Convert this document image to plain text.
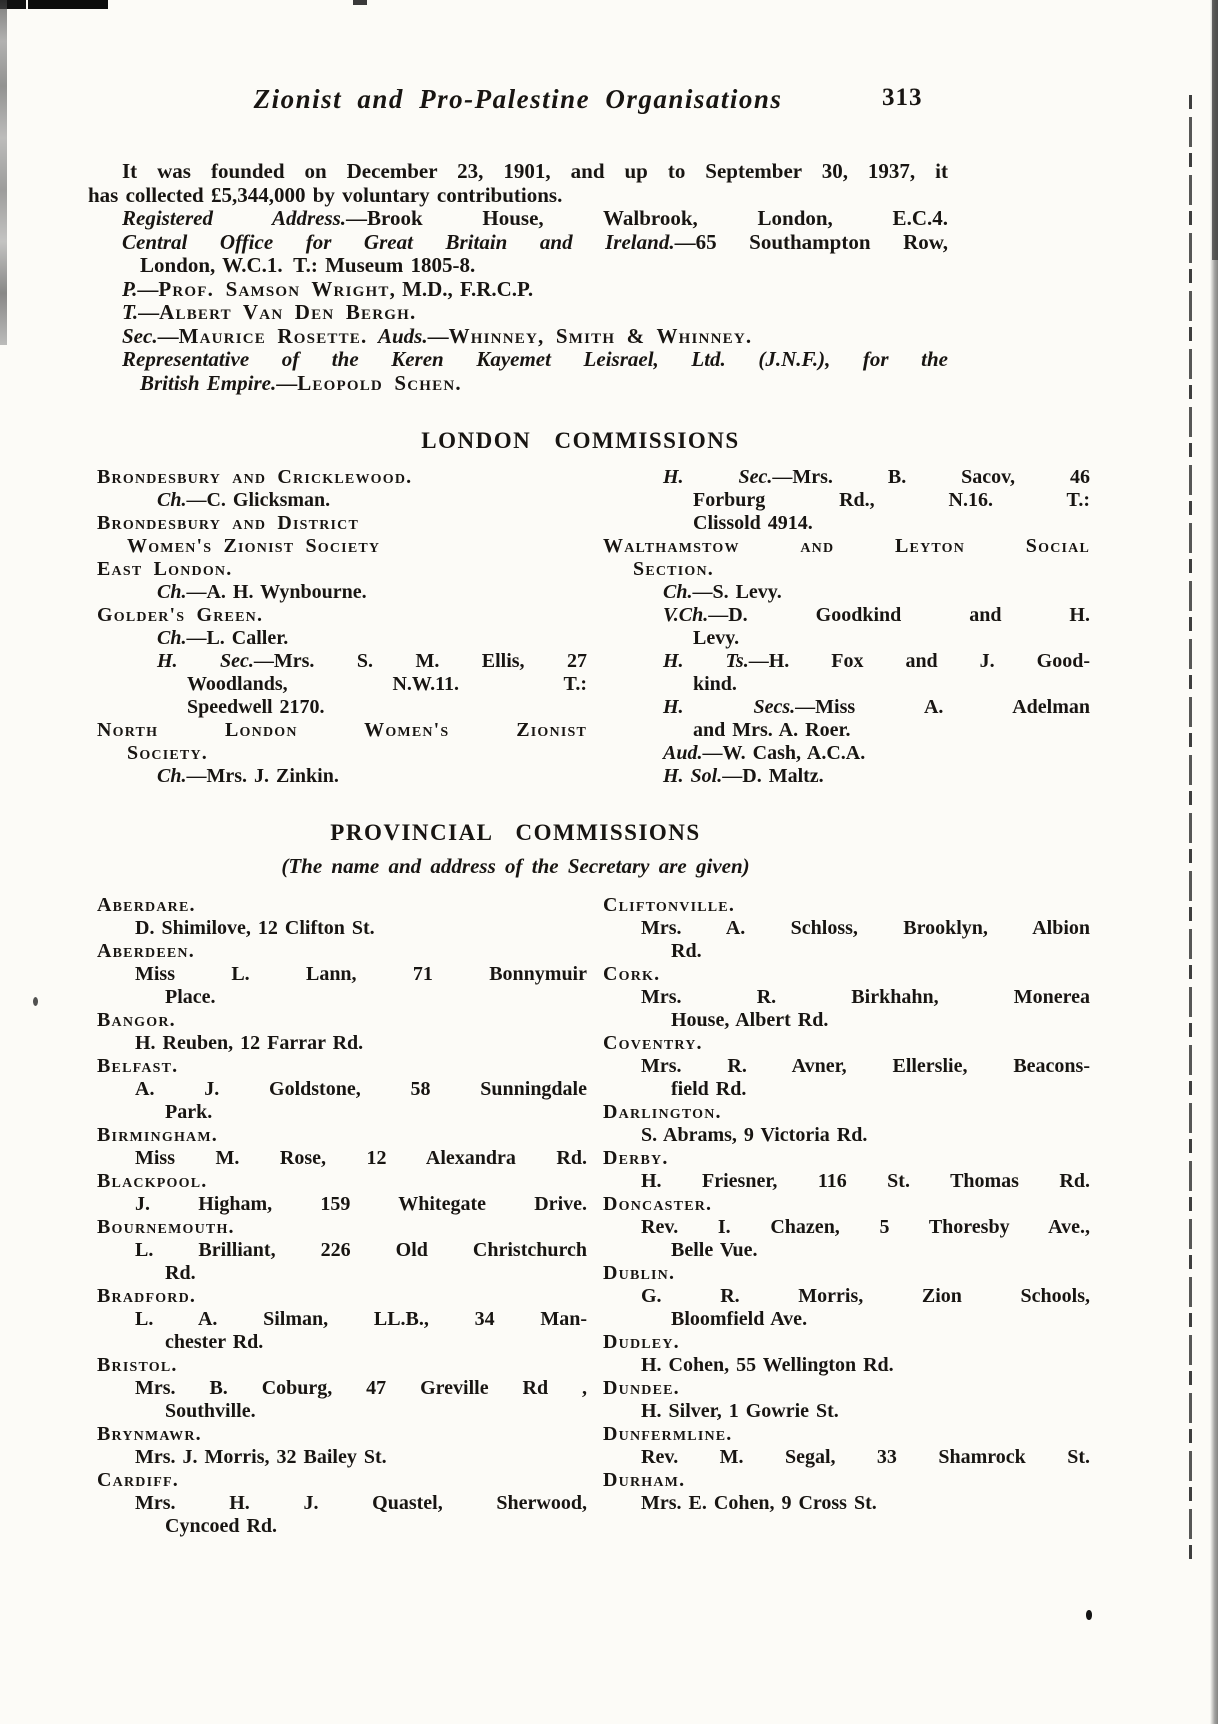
Zionist and Pro-Palestine Organisations	313
It was founded on December 23, 1901, and up to September 30, 1937, it
has collected £5,344,000 by voluntary contributions.
Registered Address.—Brook House, Walbrook, London, E.C.4.
Central Office for Great Britain and Ireland.—65 Southampton Row,
London, W.C.1. T.: Museum 1805-8.
P.—Prof. Samson Wright, M.D., F.R.C.P.
T.—Albert Van Den Bergh.
Sec.—Maurice Rosette.  Auds.—Whinney, Smith & Whinney.
Representative of the Keren Kayemet Leisrael, Ltd. (J.N.F.), for the
British Empire.—Leopold Schen.
LONDON COMMISSIONS
Brondesbury and Cricklewood.
Ch.—C. Glicksman.
Brondesbury and District
Women's Zionist Society
East London.
Ch.—A. H. Wynbourne.
Golder's Green.
Ch.—L. Caller.
H. Sec.—Mrs. S. M. Ellis, 27
Woodlands, N.W.11. T.:
Speedwell 2170.
North London Women's Zionist
Society.
Ch.—Mrs. J. Zinkin.
H. Sec.—Mrs. B. Sacov, 46
Forburg Rd., N.16. T.:
Clissold 4914.
Walthamstow and Leyton Social
Section.
Ch.—S. Levy.
V.Ch.—D. Goodkind and H.
Levy.
H. Ts.—H. Fox and J. Good-
kind.
H. Secs.—Miss A. Adelman
and Mrs. A. Roer.
Aud.—W. Cash, A.C.A.
H. Sol.—D. Maltz.
PROVINCIAL COMMISSIONS
(The name and address of the Secretary are given)
Aberdare.
D. Shimilove, 12 Clifton St.
Aberdeen.
Miss L. Lann, 71 Bonnymuir
Place.
Bangor.
H. Reuben, 12 Farrar Rd.
Belfast.
A. J. Goldstone, 58 Sunningdale
Park.
Birmingham.
Miss M. Rose, 12 Alexandra Rd.
Blackpool.
J. Higham, 159 Whitegate Drive.
Bournemouth.
L. Brilliant, 226 Old Christchurch
Rd.
Bradford.
L. A. Silman, LL.B., 34 Man-
chester Rd.
Bristol.
Mrs. B. Coburg, 47 Greville Rd ,
Southville.
Brynmawr.
Mrs. J. Morris, 32 Bailey St.
Cardiff.
Mrs. H. J. Quastel, Sherwood,
Cyncoed Rd.
Cliftonville.
Mrs. A. Schloss, Brooklyn, Albion
Rd.
Cork.
Mrs. R. Birkhahn, Monerea
House, Albert Rd.
Coventry.
Mrs. R. Avner, Ellerslie, Beacons-
field Rd.
Darlington.
S. Abrams, 9 Victoria Rd.
Derby.
H. Friesner, 116 St. Thomas Rd.
Doncaster.
Rev. I. Chazen, 5 Thoresby Ave.,
Belle Vue.
Dublin.
G. R. Morris, Zion Schools,
Bloomfield Ave.
Dudley.
H. Cohen, 55 Wellington Rd.
Dundee.
H. Silver, 1 Gowrie St.
Dunfermline.
Rev. M. Segal, 33 Shamrock St.
Durham.
Mrs. E. Cohen, 9 Cross St.
